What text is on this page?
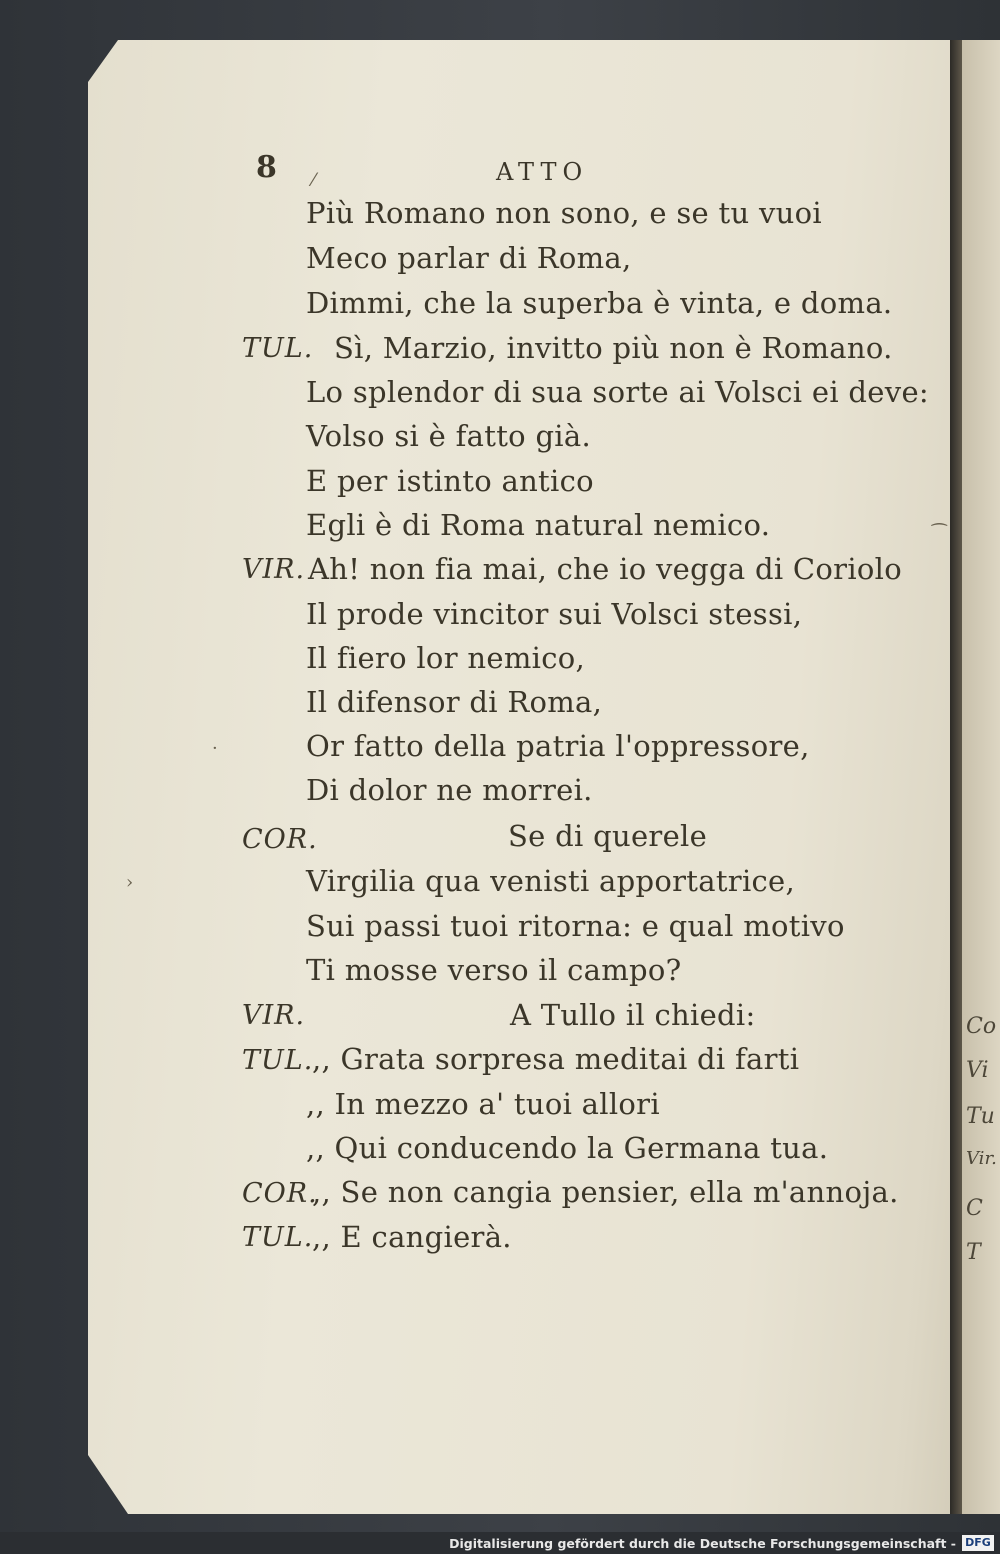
Co
Vi
Tu
Vir.
C
T
⁄
⁀
›
·
8	ATTO
Più Romano non sono, e se tu vuoi
Meco parlar di Roma,
Dimmi, che la superba è vinta, e doma.
TUL. Sì, Marzio, invitto più non è Romano.
Lo splendor di sua sorte ai Volsci ei deve:
Volso si è fatto già.
E per istinto antico
Egli è di Roma natural nemico.
VIR. Ah! non fia mai, che io vegga di Coriolo
Il prode vincitor sui Volsci stessi,
Il fiero lor nemico,
Il difensor di Roma,
Or fatto della patria l'oppressore,
Di dolor ne morrei.
COR.	Se di querele
Virgilia qua venisti apportatrice,
Sui passi tuoi ritorna: e qual motivo
Ti mosse verso il campo?
VIR.	A Tullo il chiedi:
TUL.
,, Grata sorpresa meditai di farti
,, In mezzo a' tuoi allori
,, Qui conducendo la Germana tua.
COR.
,, Se non cangia pensier, ella m'annoja.
TUL.
,, E cangierà.
Digitalisierung gefördert durch die Deutsche Forschungsgemeinschaft - DFG
